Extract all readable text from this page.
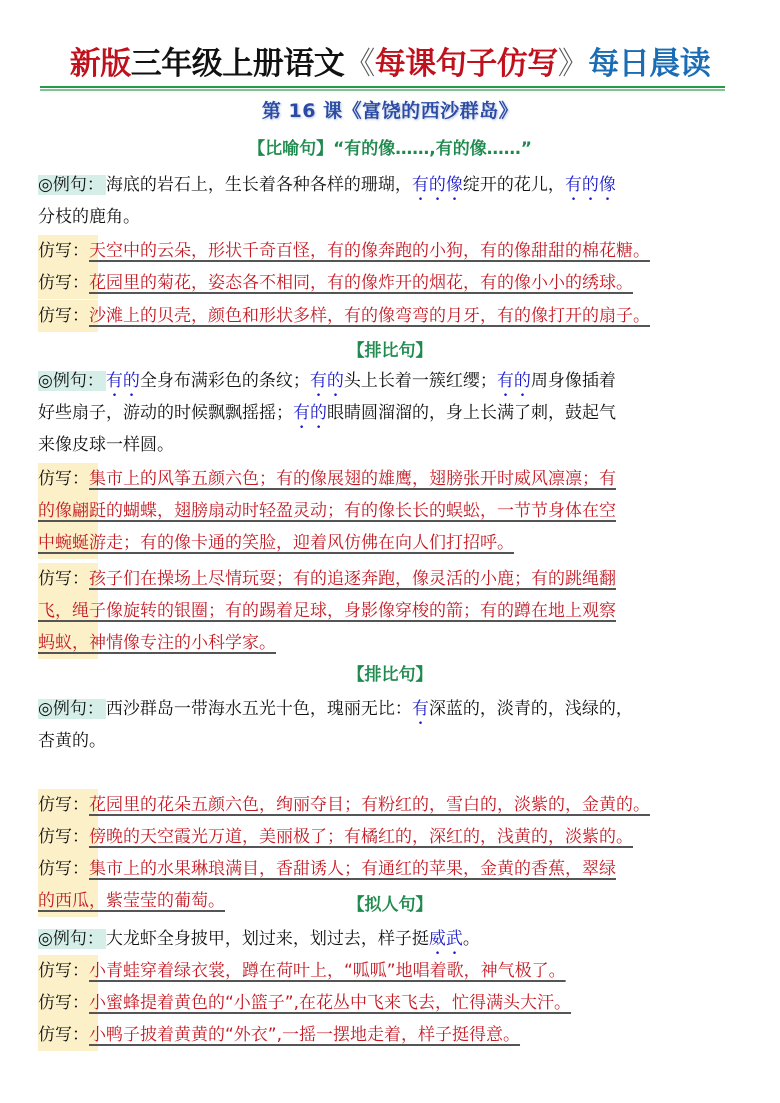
新版三年级上册语文《每课句子仿写》每日晨读
第 16 课《富饶的西沙群岛》
【比喻句】“有的像……,有的像……”
◎例句： 海底的岩石上，生长着各种各样的珊瑚，有的像绽开的花儿，有的像
分枝的鹿角。
仿写：天空中的云朵，形状千奇百怪，有的像奔跑的小狗，有的像甜甜的棉花糖。
仿写：花园里的菊花，姿态各不相同，有的像炸开的烟花，有的像小小的绣球。
仿写：沙滩上的贝壳，颜色和形状多样，有的像弯弯的月牙，有的像打开的扇子。
【排比句】
◎例句： 有的全身布满彩色的条纹；有的头上长着一簇红缨；有的周身像插着
好些扇子，游动的时候飘飘摇摇；有的眼睛圆溜溜的，身上长满了刺，鼓起气
来像皮球一样圆。
仿写：集市上的风筝五颜六色；有的像展翅的雄鹰，翅膀张开时威风凛凛；有
的像翩跹的蝴蝶，翅膀扇动时轻盈灵动；有的像长长的蜈蚣，一节节身体在空
中蜿蜒游走；有的像卡通的笑脸，迎着风仿佛在向人们打招呼。
仿写：孩子们在操场上尽情玩耍；有的追逐奔跑，像灵活的小鹿；有的跳绳翻
飞，绳子像旋转的银圈；有的踢着足球，身影像穿梭的箭；有的蹲在地上观察
蚂蚁，神情像专注的小科学家。
【排比句】
◎例句： 西沙群岛一带海水五光十色，瑰丽无比：有深蓝的，淡青的，浅绿的，
杏黄的。
仿写：花园里的花朵五颜六色，绚丽夺目；有粉红的，雪白的，淡紫的，金黄的。
仿写：傍晚的天空霞光万道，美丽极了；有橘红的，深红的，浅黄的，淡紫的。
仿写：集市上的水果琳琅满目，香甜诱人；有通红的苹果，金黄的香蕉，翠绿
的西瓜，紫莹莹的葡萄。	【拟人句】
◎例句： 大龙虾全身披甲，划过来，划过去，样子挺威武。
仿写：小青蛙穿着绿衣裳，蹲在荷叶上，“呱呱”地唱着歌，神气极了。
仿写：小蜜蜂提着黄色的“小篮子”,在花丛中飞来飞去，忙得满头大汗。
仿写：小鸭子披着黄黄的“外衣”,一摇一摆地走着，样子挺得意。
